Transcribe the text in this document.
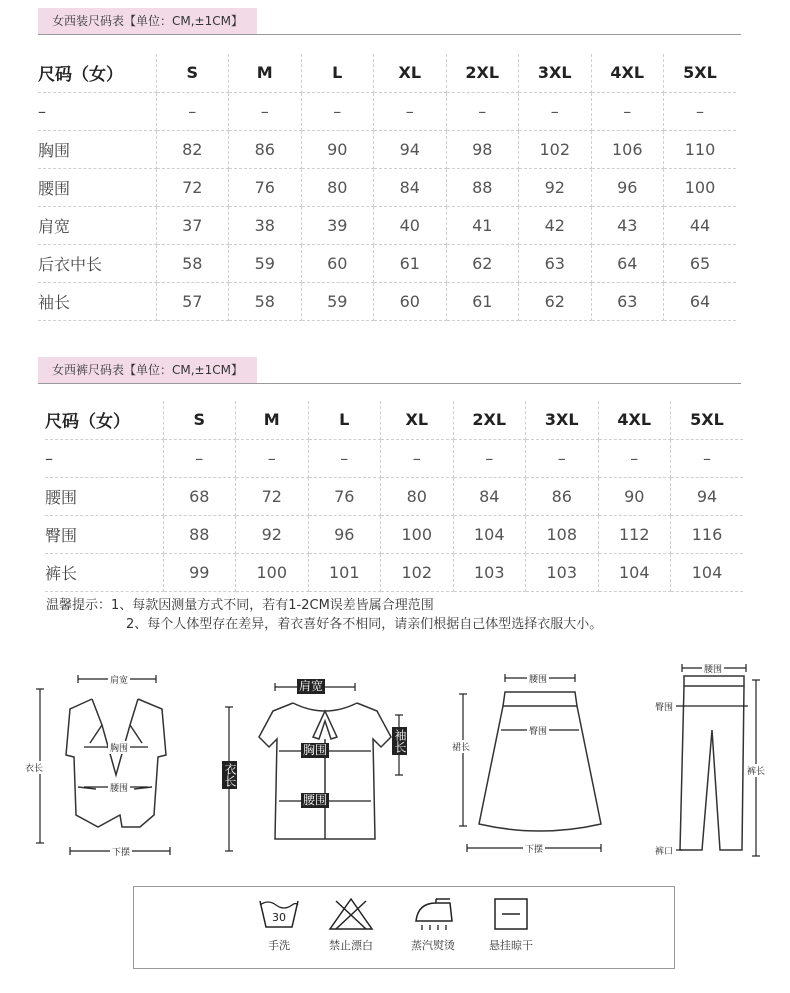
女西装尺码表【单位：CM,±1CM】
尺码（女）	S	M	L	XL	2XL	3XL	4XL	5XL
–	–	–	–	–	–	–	–	–
胸围	82	86	90	94	98	102	106	110
腰围	72	76	80	84	88	92	96	100
肩宽	37	38	39	40	41	42	43	44
后衣中长	58	59	60	61	62	63	64	65
袖长	57	58	59	60	61	62	63	64
女西裤尺码表【单位：CM,±1CM】
尺码（女）	S	M	L	XL	2XL	3XL	4XL	5XL
–	–	–	–	–	–	–	–	–
腰围	68	72	76	80	84	86	90	94
臀围	88	92	96	100	104	108	112	116
裤长	99	100	101	102	103	103	104	104
温馨提示：1、每款因测量方式不同，若有1-2CM误差皆属合理范围
2、每个人体型存在差异，着衣喜好各不相同，请亲们根据自己体型选择衣服大小。
肩宽
胸围
腰围
衣长
下摆
肩宽
胸围
腰围
衣长
袖长
腰围
臀围
裙长
下摆
腰围
臀围
裤长
裤口
30
手洗	禁止漂白	蒸汽熨烫	悬挂晾干
